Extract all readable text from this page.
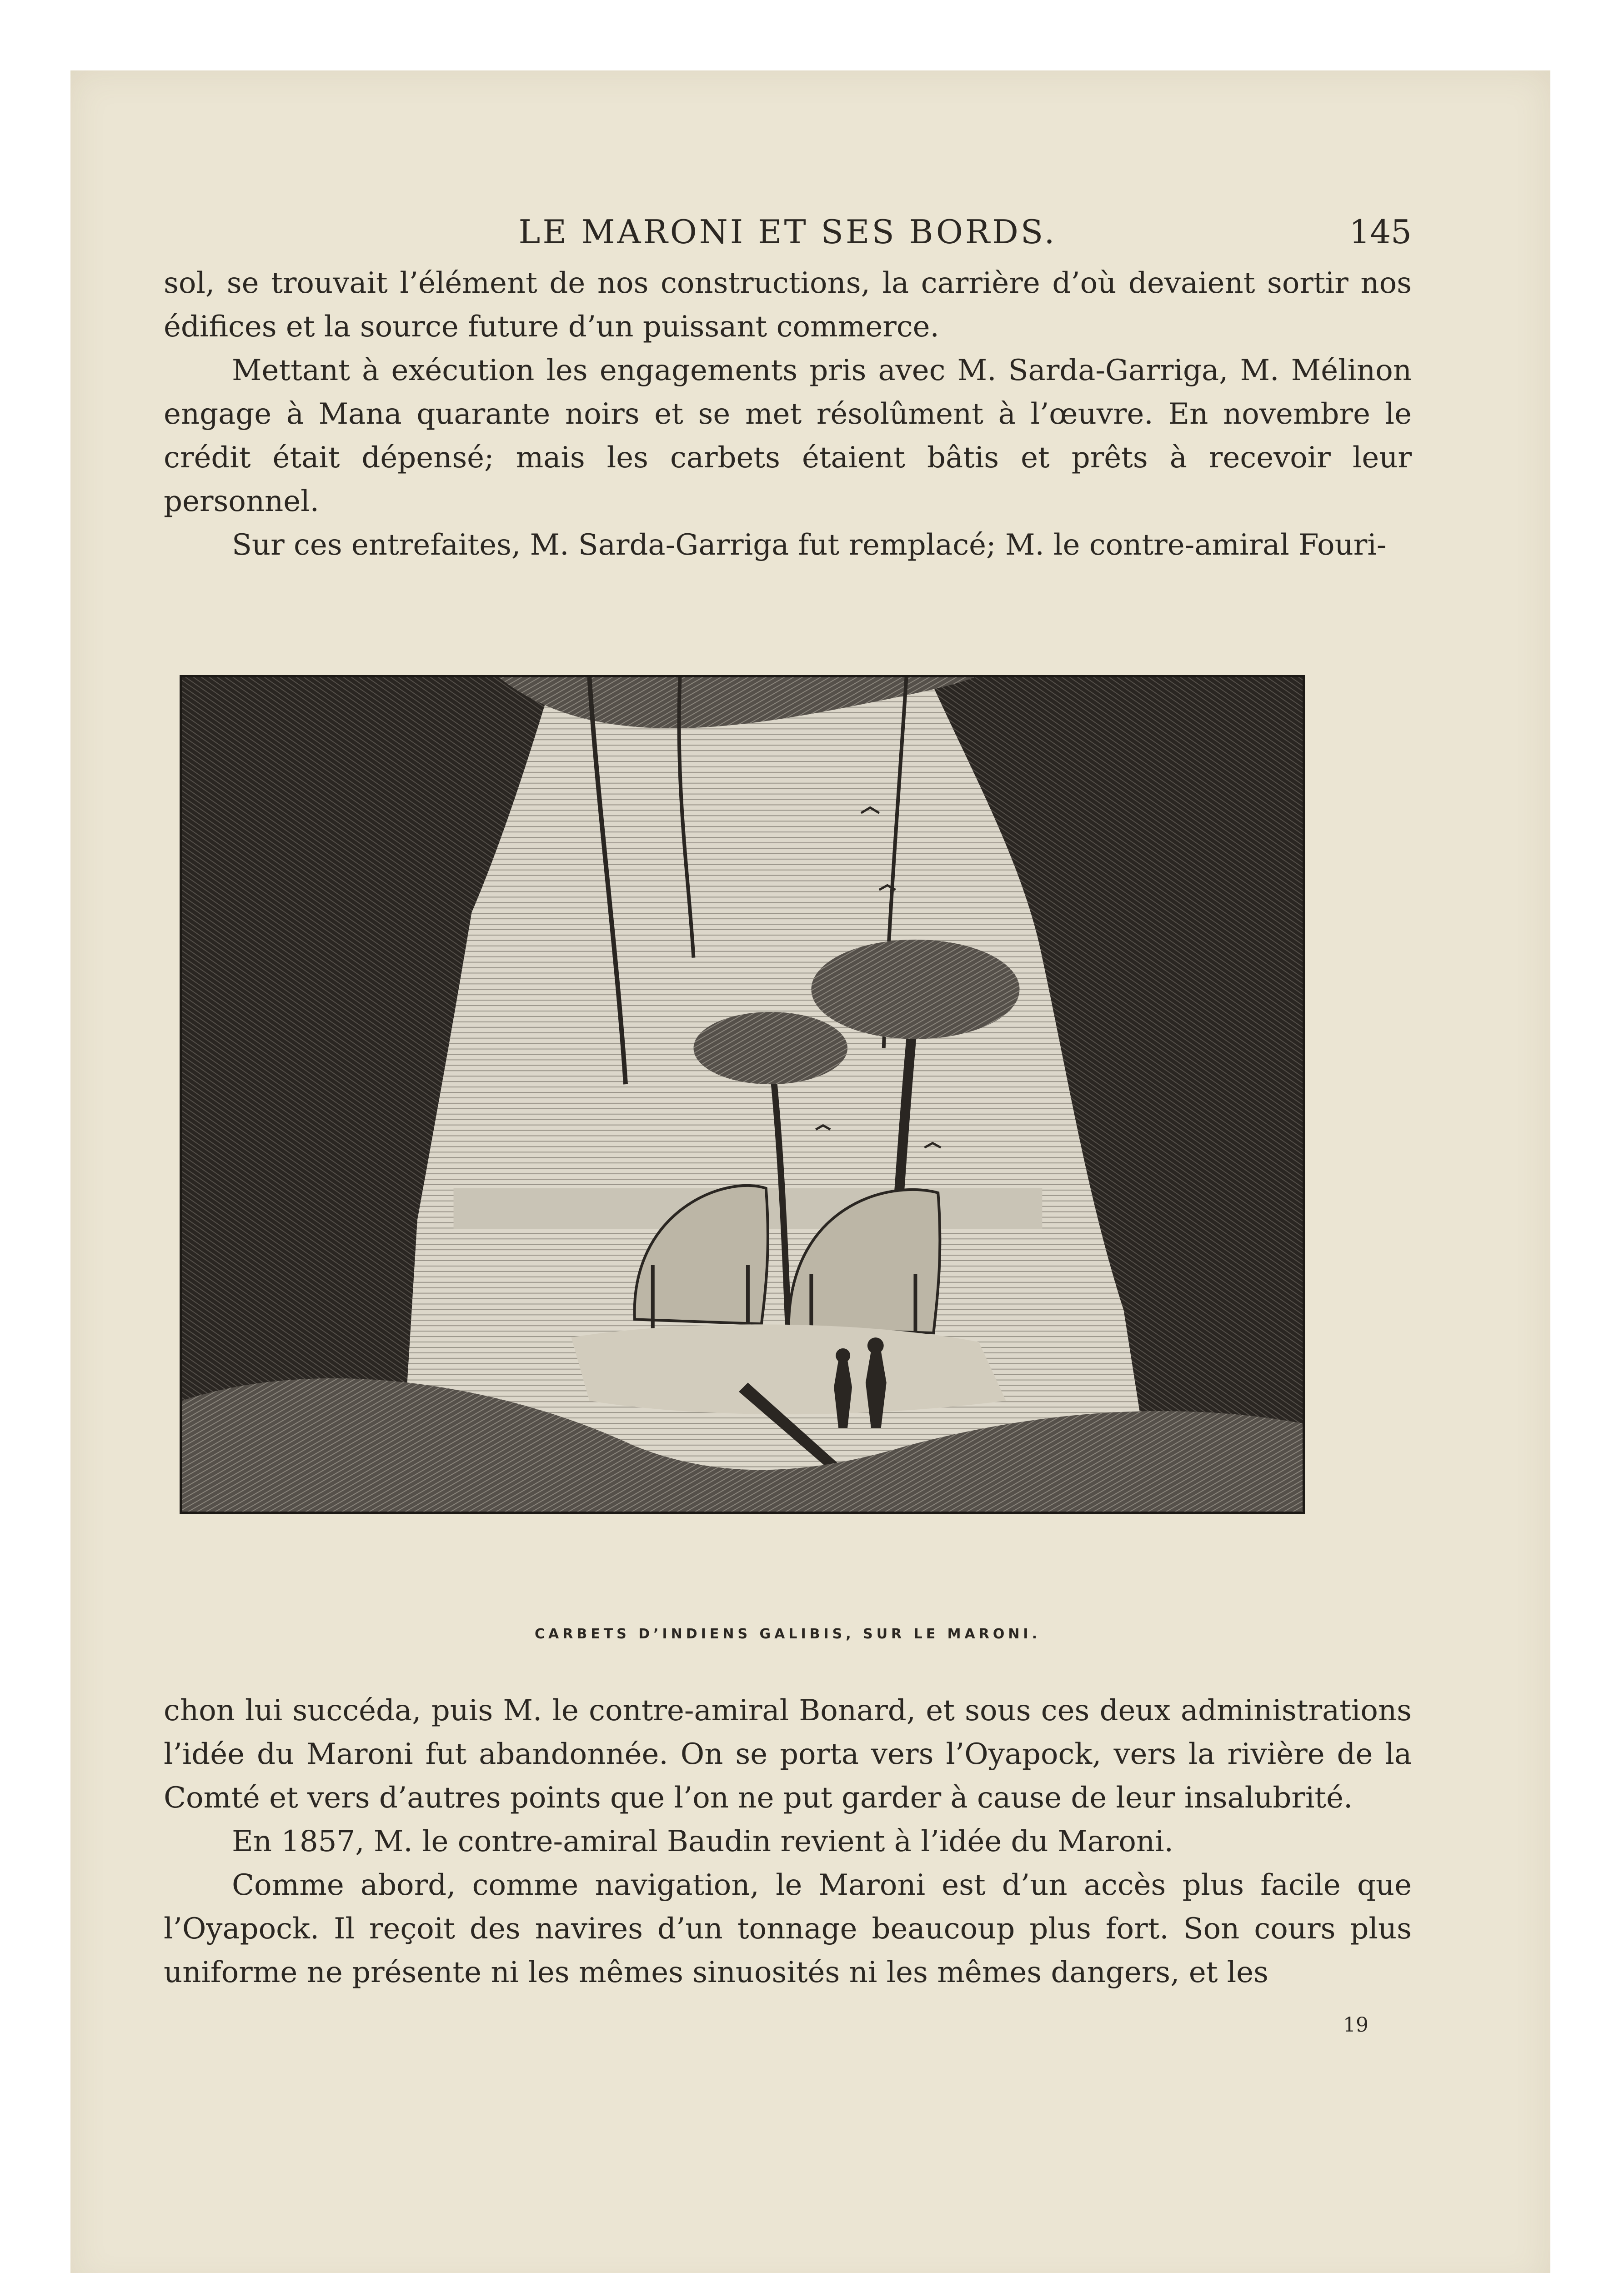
LE MARONI ET SES BORDS.	145

sol, se trouvait l’élément de nos constructions, la carrière d’où devaient sortir nos édifices et la source future d’un puissant commerce.

Mettant à exécution les engagements pris avec M. Sarda-Garriga, M. Mélinon engage à Mana quarante noirs et se met résolûment à l’œuvre. En novembre le crédit était dépensé; mais les carbets étaient bâtis et prêts à recevoir leur personnel.

Sur ces entrefaites, M. Sarda-Garriga fut remplacé; M. le contre-amiral Fouri-

CARBETS D’INDIENS GALIBIS, SUR LE MARONI.

chon lui succéda, puis M. le contre-amiral Bonard, et sous ces deux administrations l’idée du Maroni fut abandonnée. On se porta vers l’Oyapock, vers la rivière de la Comté et vers d’autres points que l’on ne put garder à cause de leur insalubrité.

En 1857, M. le contre-amiral Baudin revient à l’idée du Maroni.

Comme abord, comme navigation, le Maroni est d’un accès plus facile que l’Oyapock. Il reçoit des navires d’un tonnage beaucoup plus fort. Son cours plus uniforme ne présente ni les mêmes sinuosités ni les mêmes dangers, et les

19
